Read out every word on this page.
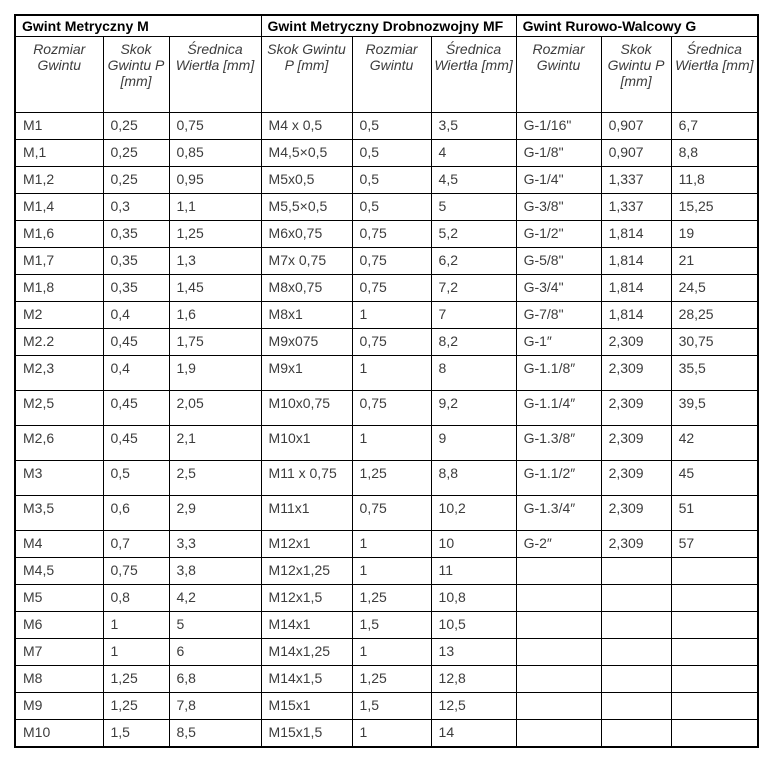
Gwint Metryczny M			Gwint Metryczny Drobnozwojny MF			Gwint Rurowo-Walcowy G		
Rozmiar Gwintu	Skok Gwintu P [mm]	Średnica Wiertła [mm]	Skok Gwintu P [mm]	Rozmiar Gwintu	Średnica Wiertła [mm]	Rozmiar Gwintu	Skok Gwintu P [mm]	Średnica Wiertła [mm]
M1	0,25	0,75	M4 x 0,5	0,5	3,5	G-1/16"	0,907	6,7
M,1	0,25	0,85	M4,5×0,5	0,5	4	G-1/8"	0,907	8,8
M1,2	0,25	0,95	M5x0,5	0,5	4,5	G-1/4"	1,337	11,8
M1,4	0,3	1,1	M5,5×0,5	0,5	5	G-3/8"	1,337	15,25
M1,6	0,35	1,25	M6x0,75	0,75	5,2	G-1/2"	1,814	19
M1,7	0,35	1,3	M7x 0,75	0,75	6,2	G-5/8"	1,814	21
M1,8	0,35	1,45	M8x0,75	0,75	7,2	G-3/4"	1,814	24,5
M2	0,4	1,6	M8x1	1	7	G-7/8"	1,814	28,25
M2.2	0,45	1,75	M9x075	0,75	8,2	G-1″	2,309	30,75
M2,3	0,4	1,9	M9x1	1	8	G-1.1/8″	2,309	35,5
M2,5	0,45	2,05	M10x0,75	0,75	9,2	G-1.1/4″	2,309	39,5
M2,6	0,45	2,1	M10x1	1	9	G-1.3/8″	2,309	42
M3	0,5	2,5	M11 x 0,75	1,25	8,8	G-1.1/2″	2,309	45
M3,5	0,6	2,9	M11x1	0,75	10,2	G-1.3/4″	2,309	51
M4	0,7	3,3	M12x1	1	10	G-2″	2,309	57
M4,5	0,75	3,8	M12x1,25	1	11			
M5	0,8	4,2	M12x1,5	1,25	10,8			
M6	1	5	M14x1	1,5	10,5			
M7	1	6	M14x1,25	1	13			
M8	1,25	6,8	M14x1,5	1,25	12,8			
M9	1,25	7,8	M15x1	1,5	12,5			
M10	1,5	8,5	M15x1,5	1	14			
